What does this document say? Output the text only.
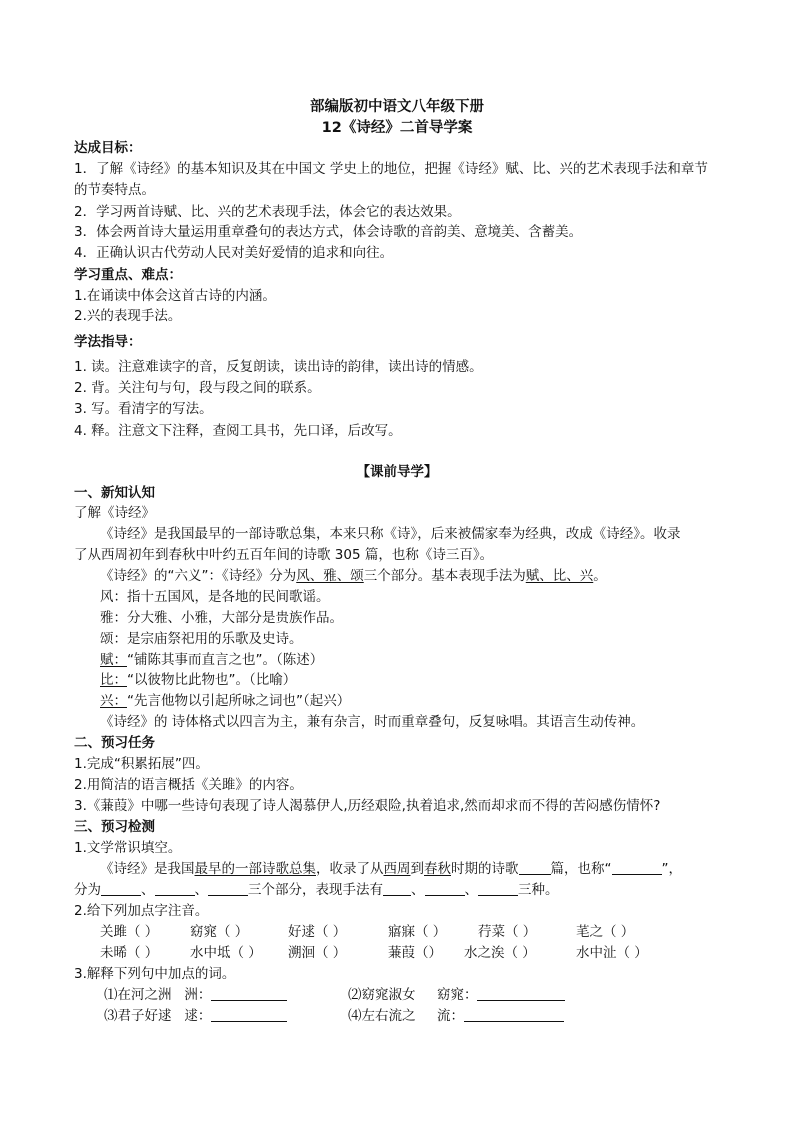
部编版初中语文八年级下册
12《诗经》二首导学案
达成目标：
1．了解《诗经》的基本知识及其在中国文 学史上的地位，把握《诗经》赋、比、兴的艺术表现手法和章节
的节奏特点。
2．学习两首诗赋、比、兴的艺术表现手法，体会它的表达效果。
3．体会两首诗大量运用重章叠句的表达方式，体会诗歌的音韵美、意境美、含蓄美。
4．正确认识古代劳动人民对美好爱情的追求和向往。
学习重点、难点：
1.在诵读中体会这首古诗的内涵。
2.兴的表现手法。
学法指导：
1. 读。注意难读字的音，反复朗读，读出诗的韵律，读出诗的情感。
2. 背。关注句与句，段与段之间的联系。
3. 写。看清字的写法。
4. 释。注意文下注释，查阅工具书，先口译，后改写。
【课前导学】
一、新知认知
了解《诗经》
《诗经》是我国最早的一部诗歌总集，本来只称《诗》，后来被儒家奉为经典，改成《诗经》。收录
了从西周初年到春秋中叶约五百年间的诗歌 305 篇，也称《诗三百》。
《诗经》的“六义”：《诗经》分为风、雅、颂三个部分。基本表现手法为赋、比、兴。
风：指十五国风，是各地的民间歌谣。
雅：分大雅、小雅，大部分是贵族作品。
颂：是宗庙祭祀用的乐歌及史诗。
赋：“铺陈其事而直言之也”。（陈述）
比：“以彼物比此物也”。（比喻）
兴：“先言他物以引起所咏之词也”（起兴）
《诗经》的 诗体格式以四言为主，兼有杂言，时而重章叠句，反复咏唱。其语言生动传神。
二、预习任务
1.完成“积累拓展”四。
2.用简洁的语言概括《关雎》的内容。
3.《蒹葭》中哪一些诗句表现了诗人渴慕伊人,历经艰险,执着追求,然而却求而不得的苦闷感伤情怀?
三、预习检测
1.文学常识填空。
《诗经》是我国最早的一部诗歌总集，收录了从西周到春秋时期的诗歌 篇，也称“	”，
分为	、	、	三个部分，表现手法有 、	、	三种。
2.给下列加点字注音。
关雎（ ） 窈窕（ ）	好逑（ ）	寤寐（ ） 荇菜（ ）	芼之（ ）
未晞（ ） 水中坻（ ） 溯洄（ ）	蒹葭（） 水之涘（ ）	水中沚（ ）
3.解释下列句中加点的词。
⑴在河之洲 洲：	⑵窈窕淑女 窈窕：
⑶君子好逑 逑：	⑷左右流之 流：
